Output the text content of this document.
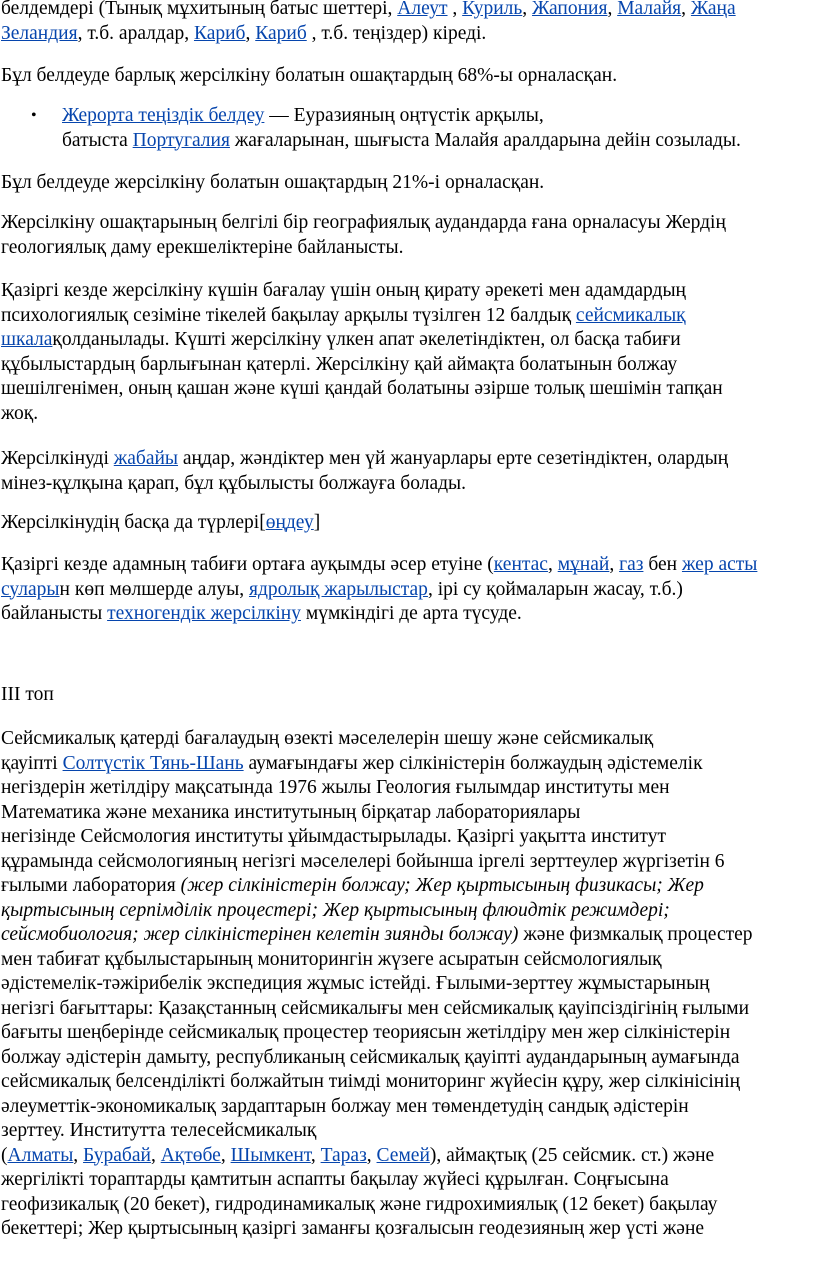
белдемдері (Тынық мұхитының батыс шеттері, Алеут , Куриль, Жапония, Малайя, Жаңа
Зеландия, т.б. аралдар, Кариб, Кариб , т.б. теңіздер) кіреді.

Бұл белдеуде барлық жерсілкіну болатын ошақтардың 68%-ы орналасқан.

•	Жерорта теңіздік белдеу — Еуразияның оңтүстік арқылы,
батыста Португалия жағаларынан, шығыста Малайя аралдарына дейін созылады.

Бұл белдеуде жерсілкіну болатын ошақтардың 21%-і орналасқан.

Жерсілкіну ошақтарының белгілі бір географиялық аудандарда ғана орналасуы Жердің
геологиялық даму ерекшеліктеріне байланысты.

Қазіргі кезде жерсілкіну күшін бағалау үшін оның қирату әрекеті мен адамдардың
психологиялық сезіміне тікелей бақылау арқылы түзілген 12 балдық сейсмикалық
шкалақолданылады. Күшті жерсілкіну үлкен апат әкелетіндіктен, ол басқа табиғи
құбылыстардың барлығынан қатерлі. Жерсілкіну қай аймақта болатынын болжау
шешілгенімен, оның қашан және күші қандай болатыны әзірше толық шешімін тапқан
жоқ.

Жерсілкінуді жабайы аңдар, жәндіктер мен үй жануарлары ерте сезетіндіктен, олардың
мінез-құлқына қарап, бұл құбылысты болжауға болады.

Жерсілкінудің басқа да түрлері[өңдеу]

Қазіргі кезде адамның табиғи ортаға ауқымды әсер етуіне (кентас, мұнай, газ бен жер асты
суларын көп мөлшерде алуы, ядролық жарылыстар, ірі су қоймаларын жасау, т.б.)
байланысты техногендік жерсілкіну мүмкіндігі де арта түсуде.

III топ

Сейсмикалық қатерді бағалаудың өзекті мәселелерін шешу және сейсмикалық
қауіпті Солтүстік Тянь-Шань аумағындағы жер сілкіністерін болжаудың әдістемелік
негіздерін жетілдіру мақсатында 1976 жылы Геология ғылымдар институты мен
Математика және механика институтының бірқатар лабораториялары
негізінде Сейсмология институты ұйымдастырылады. Қазіргі уақытта институт
құрамында сейсмологияның негізгі мәселелері бойынша іргелі зерттеулер жүргізетін 6
ғылыми лаборатория (жер сілкіністерін болжау; Жер қыртысының физикасы; Жер
қыртысының серпімділік процестері; Жер қыртысының флюидтік режимдері;
сейсмобиология; жер сілкіністерінен келетін зиянды болжау) және физмкалық процестер
мен табиғат құбылыстарының мониторингін жүзеге асыратын сейсмологиялық
әдістемелік-тәжірибелік экспедиция жұмыс істейді. Ғылыми-зерттеу жұмыстарының
негізгі бағыттары: Қазақстанның сейсмикалығы мен сейсмикалық қауіпсіздігінің ғылыми
бағыты шеңберінде сейсмикалық процестер теориясын жетілдіру мен жер сілкіністерін
болжау әдістерін дамыту, республиканың сейсмикалық қауіпті аудандарының аумағында
сейсмикалық белсенділікті болжайтын тиімді мониторинг жүйесін құру, жер сілкінісінің
әлеуметтік-экономикалық зардаптарын болжау мен төмендетудің сандық әдістерін
зерттеу. Институтта телесейсмикалық
(Алматы, Бурабай, Ақтөбе, Шымкент, Тараз, Семей), аймақтық (25 сейсмик. ст.) және
жергілікті тораптарды қамтитын аспапты бақылау жүйесі құрылған. Соңғысына
геофизикалық (20 бекет), гидродинамикалық және гидрохимиялық (12 бекет) бақылау
бекеттері; Жер қыртысының қазіргі заманғы қозғалысын геодезияның жер үсті және
